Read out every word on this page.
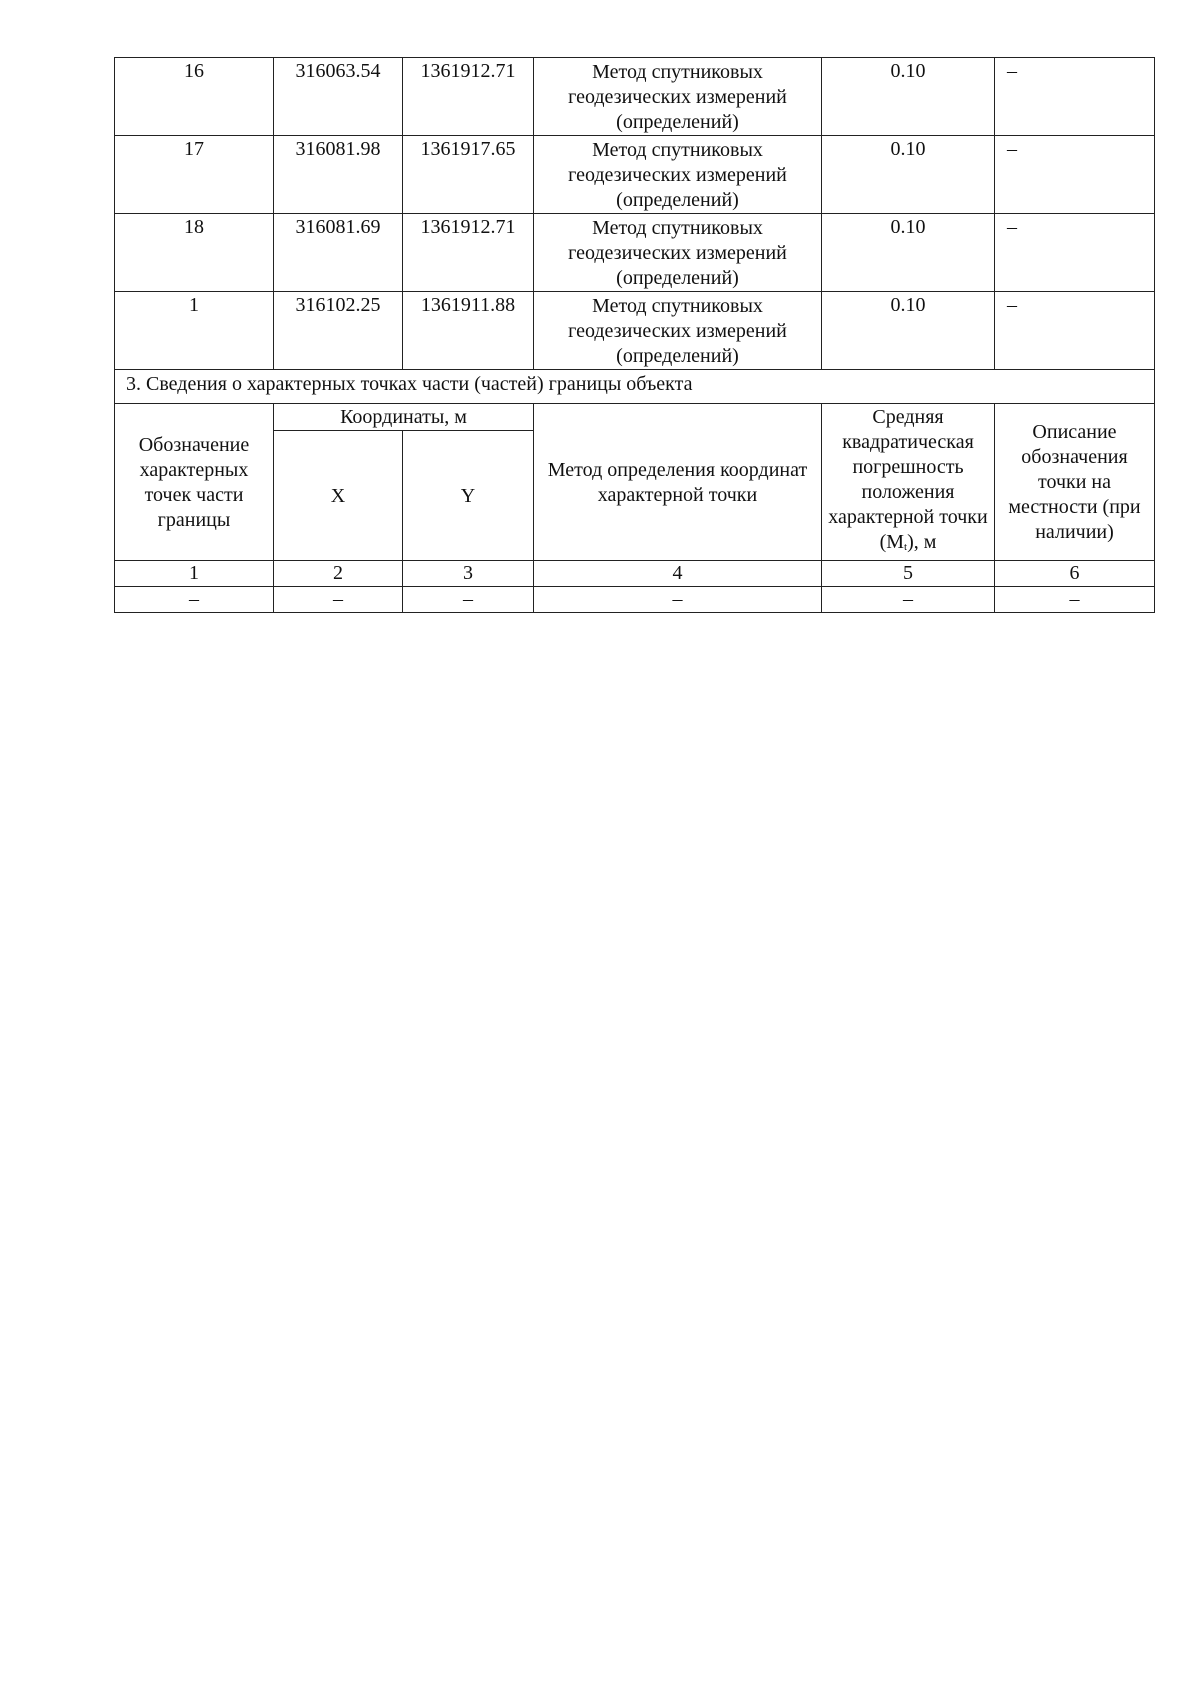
16	316063.54	1361912.71	Метод спутниковых геодезических измерений (определений)	0.10	–
17	316081.98	1361917.65	Метод спутниковых геодезических измерений (определений)	0.10	–
18	316081.69	1361912.71	Метод спутниковых геодезических измерений (определений)	0.10	–
1	316102.25	1361911.88	Метод спутниковых геодезических измерений (определений)	0.10	–
3. Сведения о характерных точках части (частей) границы объекта					
Обозначение характерных точек части границы	Координаты, м		Метод определения координат характерной точки	Средняя квадратическая погрешность положения характерной точки $(M_t)$, м	Описание обозначения точки на местности (при наличии)
	X	Y			
1	2	3	4	5	6
–	–	–	–	–	–
